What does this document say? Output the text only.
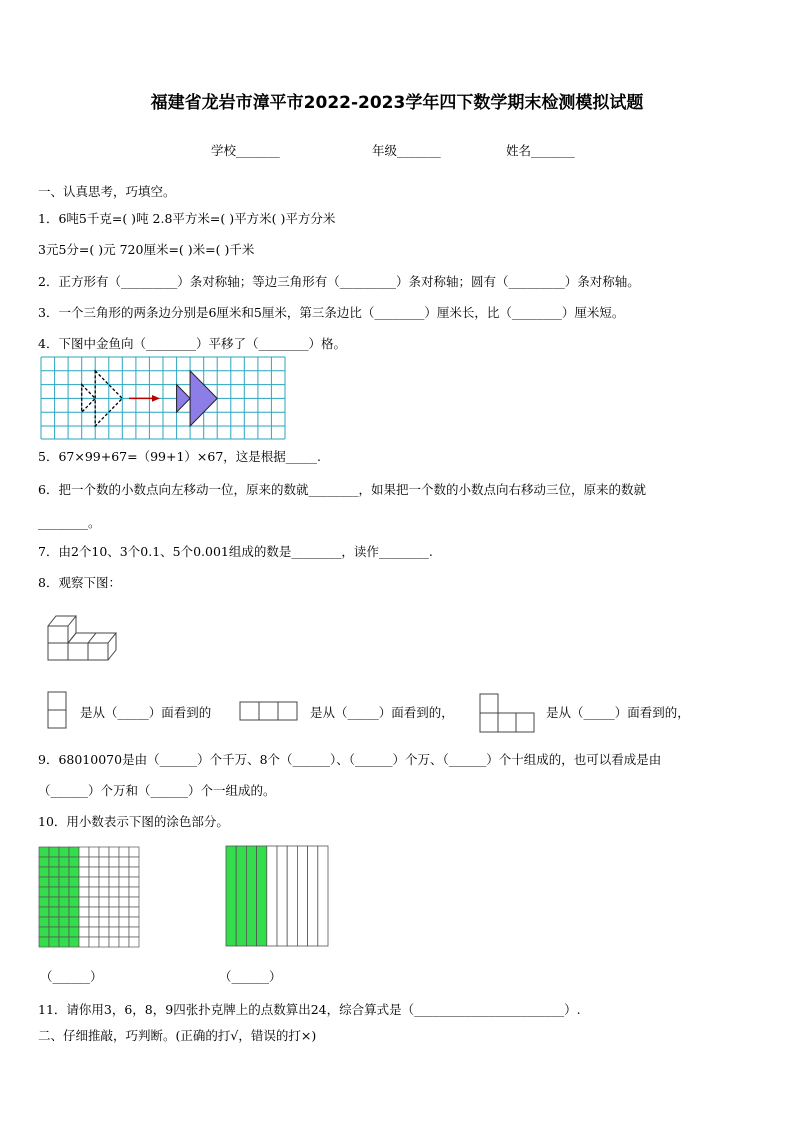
福建省龙岩市漳平市2022-2023学年四下数学期末检测模拟试题
学校_______	年级_______	姓名_______
一、认真思考，巧填空。
1．6吨5千克=( )吨 2.8平方米=( )平方米( )平方分米
3元5分=( )元 720厘米=( )米=( )千米
2．正方形有（_________）条对称轴；等边三角形有（_________）条对称轴；圆有（_________）条对称轴。
3．一个三角形的两条边分别是6厘米和5厘米，第三条边比（________）厘米长，比（________）厘米短。
4．下图中金鱼向（________）平移了（________）格。
5．67×99+67=（99+1）×67，这是根据_____.
6．把一个数的小数点向左移动一位，原来的数就________，如果把一个数的小数点向右移动三位，原来的数就
________。
7．由2个10、3个0.1、5个0.001组成的数是________，读作________.
8．观察下图：
是从（_____）面看到的	是从（_____）面看到的，	是从（_____）面看到的，
9．68010070是由（______）个千万、8个（______）、（______）个万、（______）个十组成的，也可以看成是由
（______）个万和（______）个一组成的。
10．用小数表示下图的涂色部分。
（______）	（______）
11．请你用3，6，8，9四张扑克牌上的点数算出24，综合算式是（________________________）.
二、仔细推敲，巧判断。(正确的打√，错误的打×)
